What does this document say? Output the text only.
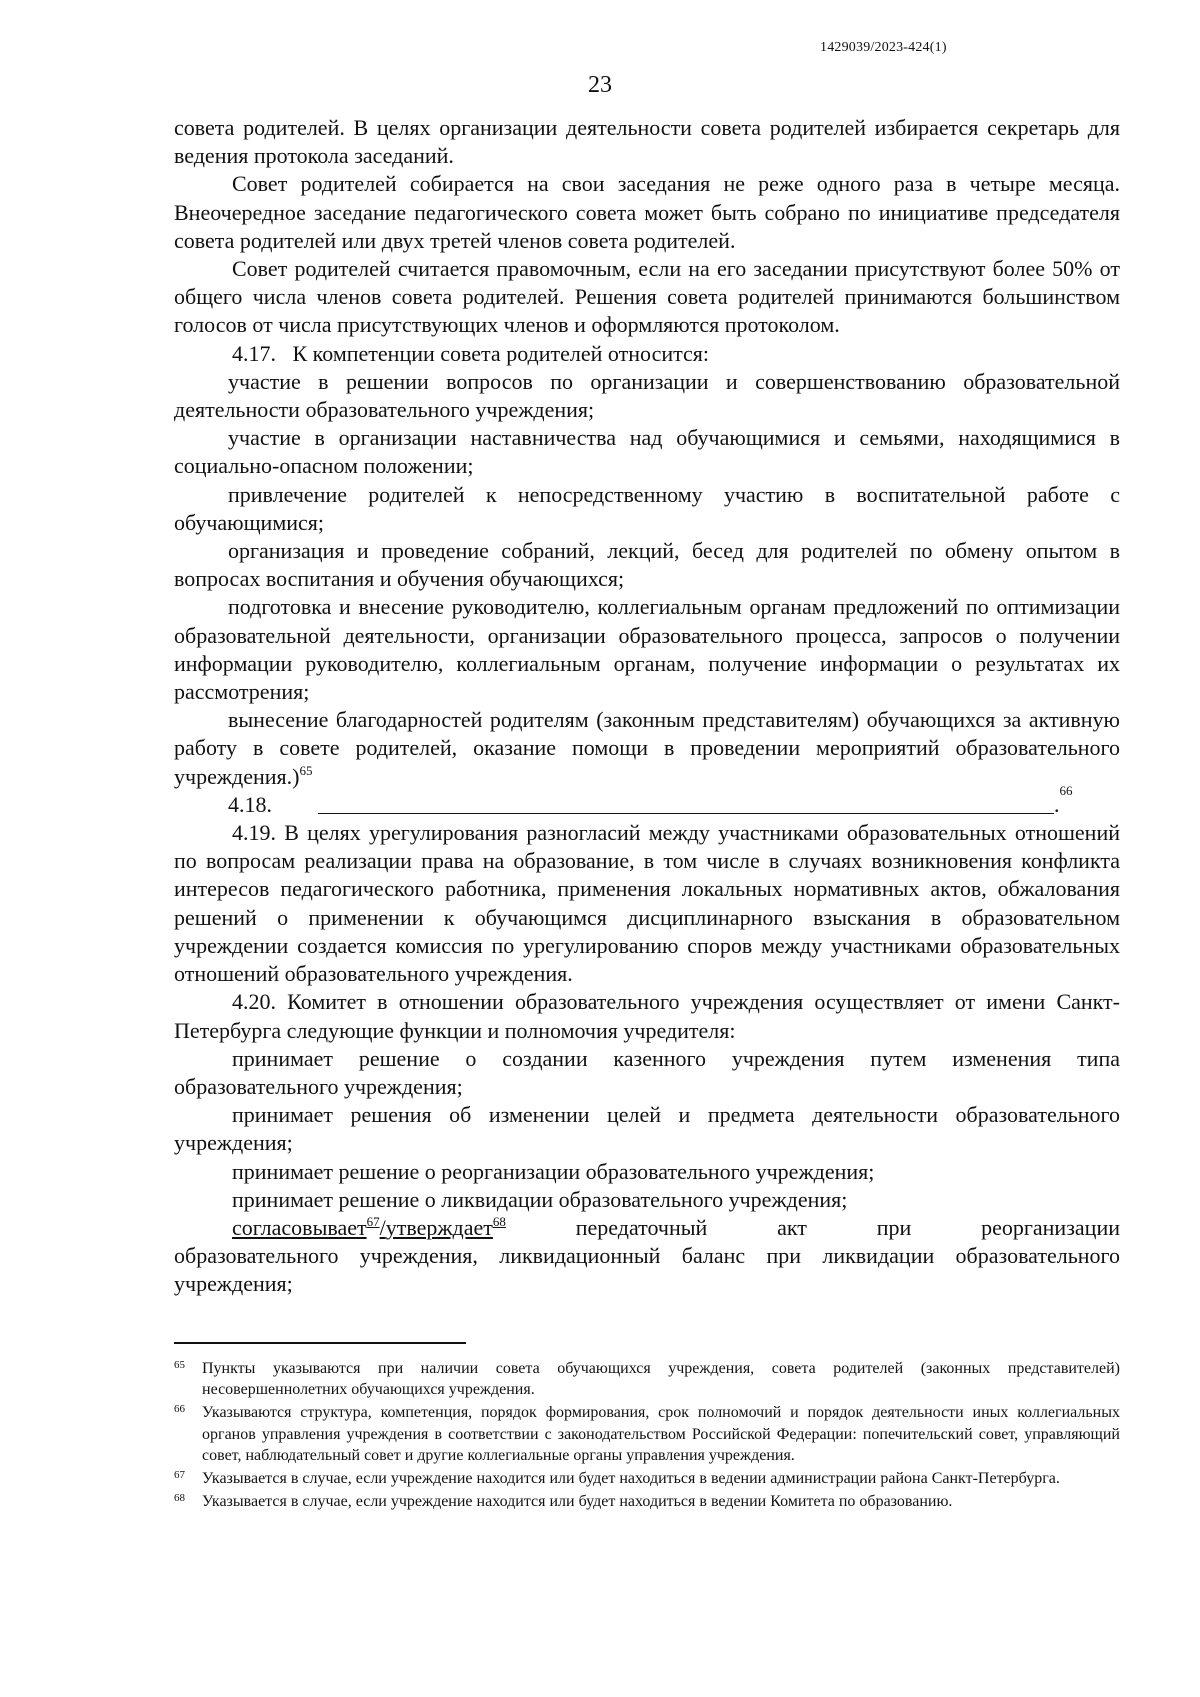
1429039/2023-424(1)
23

совета родителей. В целях организации деятельности совета родителей избирается секретарь для ведения протокола заседаний.

Совет родителей собирается на свои заседания не реже одного раза в четыре месяца. Внеочередное заседание педагогического совета может быть собрано по инициативе председателя совета родителей или двух третей членов совета родителей.

Совет родителей считается правомочным, если на его заседании присутствуют более 50% от общего числа членов совета родителей. Решения совета родителей принимаются большинством голосов от числа присутствующих членов и оформляются протоколом.

4.17.   К компетенции совета родителей относится:

участие в решении вопросов по организации и совершенствованию образовательной деятельности образовательного учреждения;

участие в организации наставничества над обучающимися и семьями, находящимися в социально-опасном положении;

привлечение родителей к непосредственному участию в воспитательной работе с обучающимися;

организация и проведение собраний, лекций, бесед для родителей по обмену опытом в вопросах воспитания и обучения обучающихся;

подготовка и внесение руководителю, коллегиальным органам предложений по оптимизации образовательной деятельности, организации образовательного процесса, запросов о получении информации руководителю, коллегиальным органам, получение информации о результатах их рассмотрения;

вынесение благодарностей родителям (законным представителям) обучающихся за активную работу в совете родителей, оказание помощи в проведении мероприятий образовательного учреждения.)$^{65}$

4.18.	.
66

4.19. В целях урегулирования разногласий между участниками образовательных отношений по вопросам реализации права на образование, в том числе в случаях возникновения конфликта интересов педагогического работника, применения локальных нормативных актов, обжалования решений о применении к обучающимся дисциплинарного взыскания в образовательном учреждении создается комиссия по урегулированию споров между участниками образовательных отношений образовательного учреждения.

4.20. Комитет в отношении образовательного учреждения осуществляет от имени Санкт-Петербурга следующие функции и полномочия учредителя:

принимает решение о создании казенного учреждения путем изменения типа образовательного учреждения;

принимает решения об изменении целей и предмета деятельности образовательного учреждения;

принимает решение о реорганизации образовательного учреждения;

принимает решение о ликвидации образовательного учреждения;

согласовывает$^{67}$/утверждает$^{68}$	передаточный	акт	при	реорганизации

образовательного учреждения, ликвидационный баланс при ликвидации образовательного учреждения;

65	Пункты указываются при наличии совета обучающихся учреждения, совета родителей (законных представителей) несовершеннолетних обучающихся учреждения.
66	Указываются структура, компетенция, порядок формирования, срок полномочий и порядок деятельности иных коллегиальных органов управления учреждения в соответствии с законодательством Российской Федерации: попечительский совет, управляющий совет, наблюдательный совет и другие коллегиальные органы управления учреждения.
67	Указывается в случае, если учреждение находится или будет находиться в ведении администрации района Санкт-Петербурга.
68	Указывается в случае, если учреждение находится или будет находиться в ведении Комитета по образованию.
